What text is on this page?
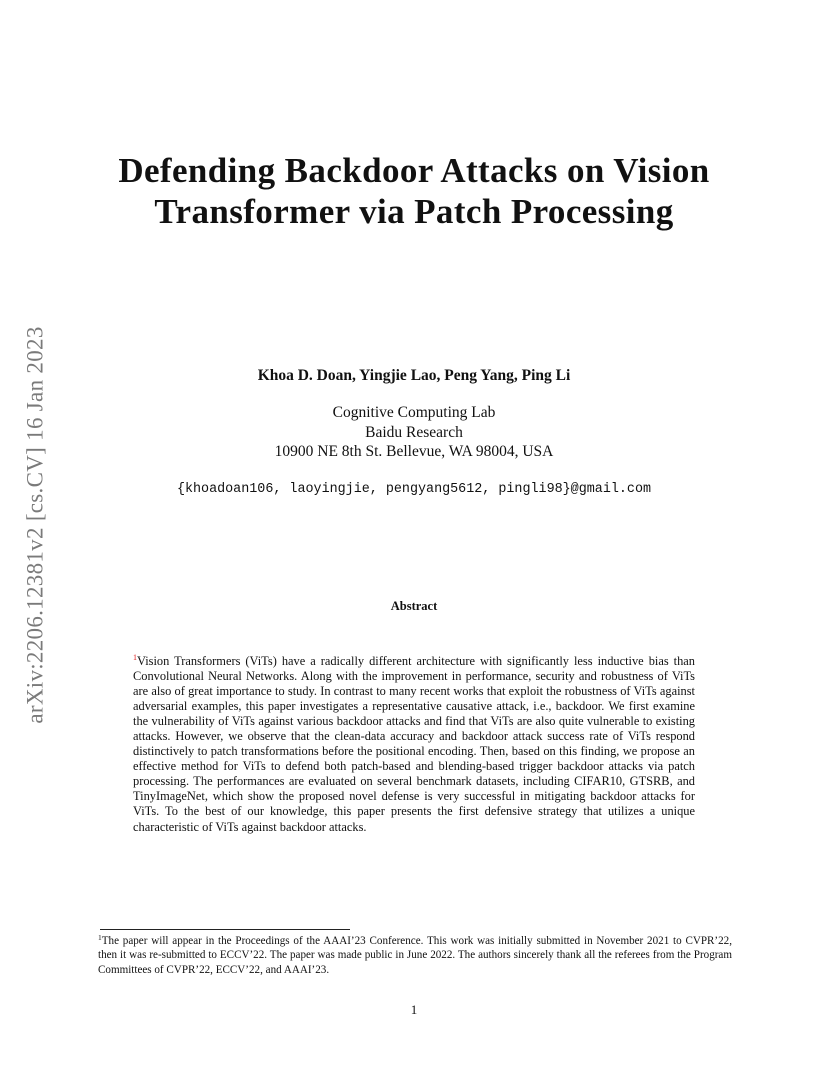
arXiv:2206.12381v2 [cs.CV] 16 Jan 2023
Defending Backdoor Attacks on Vision Transformer via Patch Processing
Khoa D. Doan, Yingjie Lao, Peng Yang, Ping Li
Cognitive Computing Lab
Baidu Research
10900 NE 8th St. Bellevue, WA 98004, USA
{khoadoan106, laoyingjie, pengyang5612, pingli98}@gmail.com
Abstract

$^1$Vision Transformers (ViTs) have a radically different architecture with significantly less inductive bias than Convolutional Neural Networks. Along with the improvement in performance, security and robustness of ViTs are also of great importance to study. In contrast to many recent works that exploit the robustness of ViTs against adversarial examples, this paper investigates a representative causative attack, i.e., backdoor. We first examine the vulnerability of ViTs against various backdoor attacks and find that ViTs are also quite vulnerable to existing attacks. However, we observe that the clean-data accuracy and backdoor attack success rate of ViTs respond distinctively to patch transformations before the positional encoding. Then, based on this finding, we propose an effective method for ViTs to defend both patch-based and blending-based trigger backdoor attacks via patch processing. The performances are evaluated on several benchmark datasets, including CIFAR10, GTSRB, and TinyImageNet, which show the proposed novel defense is very successful in mitigating backdoor attacks for ViTs. To the best of our knowledge, this paper presents the first defensive strategy that utilizes a unique characteristic of ViTs against backdoor attacks.

$^1$The paper will appear in the Proceedings of the AAAI’23 Conference. This work was initially submitted in November 2021 to CVPR’22, then it was re-submitted to ECCV’22. The paper was made public in June 2022. The authors sincerely thank all the referees from the Program Committees of CVPR’22, ECCV’22, and AAAI’23.

1
